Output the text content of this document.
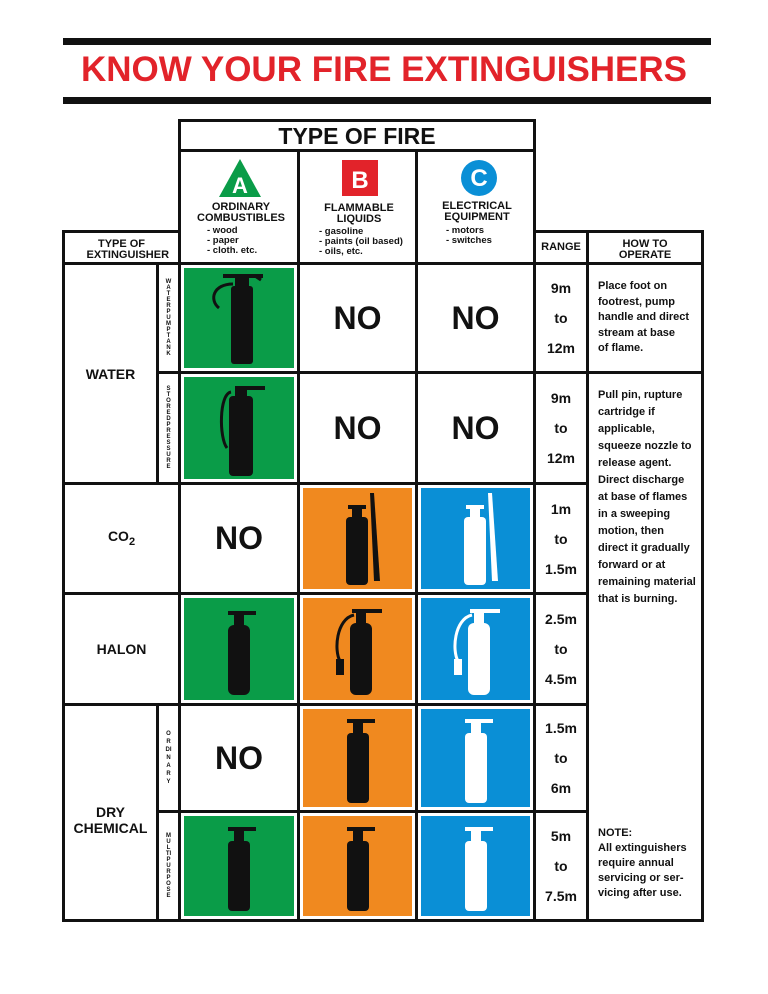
KNOW YOUR FIRE EXTINGUISHERS
TYPE OF FIRE
A
ORDINARY COMBUSTIBLES
- wood
- paper
- cloth. etc.
B
FLAMMABLE LIQUIDS
- gasoline
- paints (oil based)
- oils, etc.
C
ELECTRICAL EQUIPMENT
- motors
- switches
TYPE OF EXTINGUISHER
RANGE	HOW TO OPERATE
WATER
WATER PUMP TANK
STORED PRESSURE
$CO_2$
HALON
DRY CHEMICAL
ORDINARY
MULTI PURPOSE
NO NO
NO NO
NO
NO
9m
to
12m
9m
to
12m
1m
to
1.5m
2.5m
to
4.5m
1.5m
to
6m
5m
to
7.5m
Place foot on
footrest, pump
handle and direct
stream at base
of flame.
Pull pin, rupture
cartridge if
applicable,
squeeze nozzle to
release agent.
Direct discharge
at base of flames
in a sweeping
motion, then
direct it gradually
forward or at
remaining material
that is burning.
NOTE:
All extinguishers
require annual
servicing or ser-
vicing after use.
